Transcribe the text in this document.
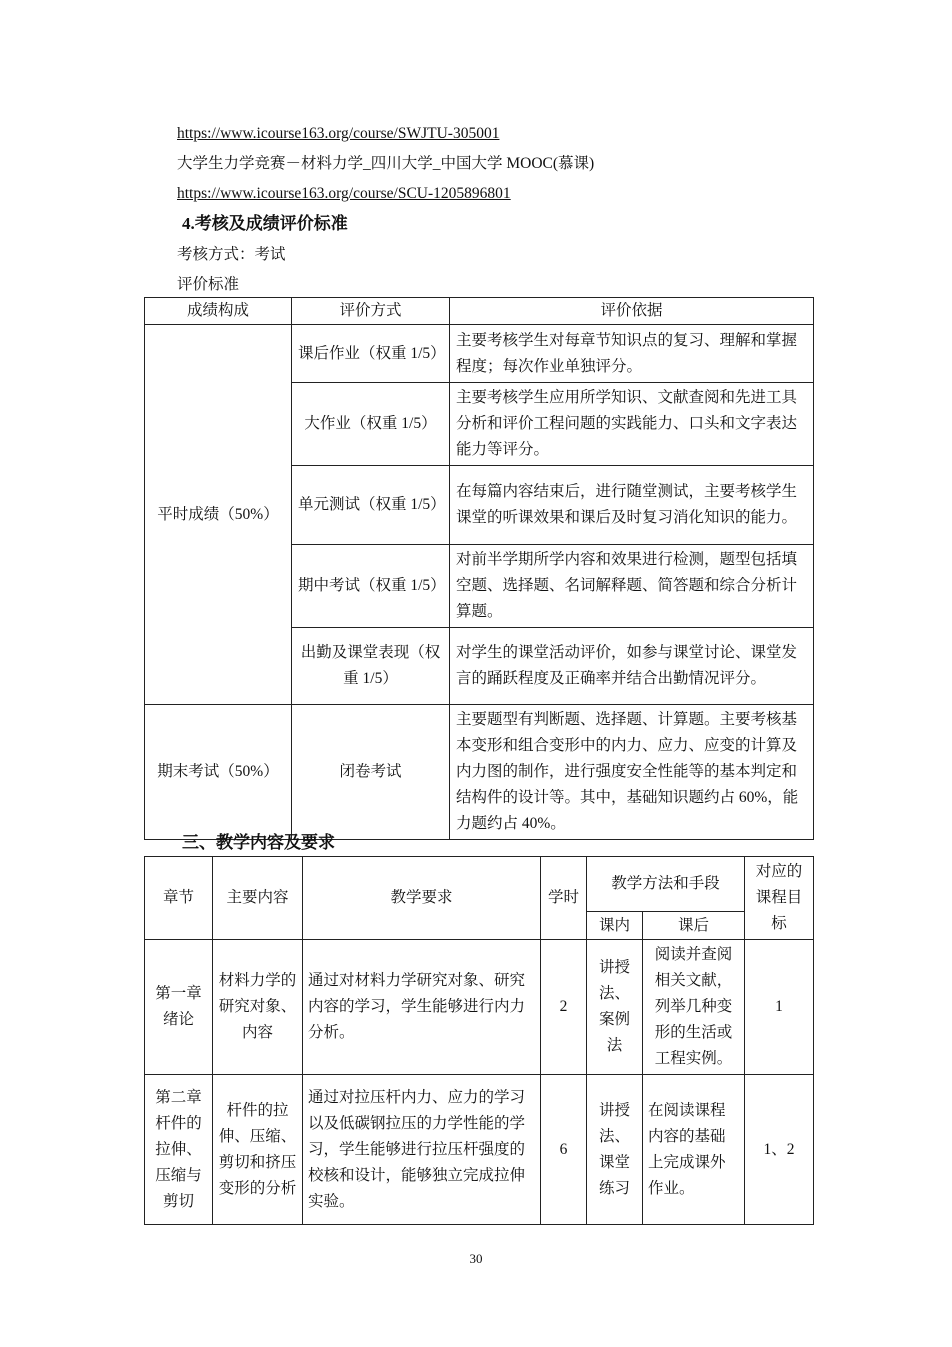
https://www.icourse163.org/course/SWJTU-305001
大学生力学竞赛－材料力学_四川大学_中国大学 MOOC(慕课)
https://www.icourse163.org/course/SCU-1205896801
4.考核及成绩评价标准
考核方式：考试
评价标准
成绩构成	评价方式	评价依据
平时成绩（50%）	课后作业（权重 1/5）	主要考核学生对每章节知识点的复习、理解和掌握程度；每次作业单独评分。
	大作业（权重 1/5）	主要考核学生应用所学知识、文献查阅和先进工具分析和评价工程问题的实践能力、口头和文字表达能力等评分。
	单元测试（权重 1/5）	在每篇内容结束后，进行随堂测试，主要考核学生课堂的听课效果和课后及时复习消化知识的能力。
	期中考试（权重 1/5）	对前半学期所学内容和效果进行检测，题型包括填空题、选择题、名词解释题、简答题和综合分析计算题。
	出勤及课堂表现（权重 1/5）	对学生的课堂活动评价，如参与课堂讨论、课堂发言的踊跃程度及正确率并结合出勤情况评分。
期末考试（50%）	闭卷考试	主要题型有判断题、选择题、计算题。主要考核基本变形和组合变形中的内力、应力、应变的计算及内力图的制作，进行强度安全性能等的基本判定和结构件的设计等。其中，基础知识题约占 60%，能力题约占 40%。
三、教学内容及要求
章节	主要内容	教学要求	学时	教学方法和手段		对应的课程目标
				课内	课后	
第一章绪论	材料力学的研究对象、内容	通过对材料力学研究对象、研究内容的学习，学生能够进行内力分析。	2	讲授法、案例法	阅读并查阅相关文献，列举几种变形的生活或工程实例。	1
第二章杆件的拉伸、压缩与剪切	杆件的拉伸、压缩、剪切和挤压变形的分析	通过对拉压杆内力、应力的学习以及低碳钢拉压的力学性能的学习，学生能够进行拉压杆强度的校核和设计，能够独立完成拉伸实验。	6	讲授法、课堂练习	在阅读课程内容的基础上完成课外作业。	1、2
30
